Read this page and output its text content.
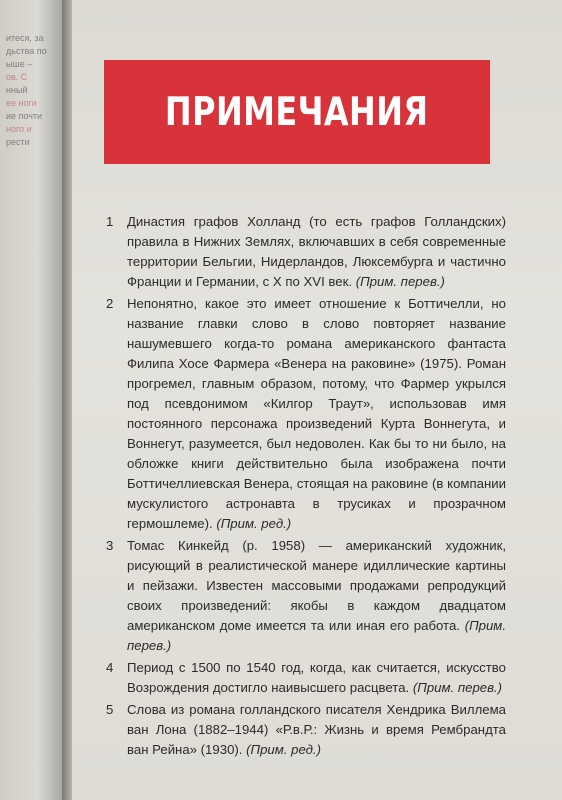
итеся, за
дьства по
ыше –
ов. С
нный
ее ноги
ие почти
ного и
рести
ПРИМЕЧАНИЯ
1	Династия графов Холланд (то есть графов Голландских) правила в Нижних Землях, включавших в себя современные территории Бельгии, Нидерландов, Люксембурга и частично Франции и Германии, с X по XVI век. (Прим. перев.)
2	Непонятно, какое это имеет отношение к Боттичелли, но название главки слово в слово повторяет название нашумевшего когда-то романа американского фантаста Филипа Хосе Фармера «Венера на раковине» (1975). Роман прогремел, главным образом, потому, что Фармер укрылся под псевдонимом «Килгор Траут», использовав имя постоянного персонажа произведений Курта Воннегута, и Воннегут, разумеется, был недоволен. Как бы то ни было, на обложке книги действительно была изображена почти Боттичеллиевская Венера, стоящая на раковине (в компании мускулистого астронавта в трусиках и прозрачном гермошлеме). (Прим. ред.)
3	Томас Кинкейд (р. 1958) — американский художник, рисующий в реалистической манере идиллические картины и пейзажи. Известен массовыми продажами репродукций своих произведений: якобы в каждом двадцатом американском доме имеется та или иная его работа. (Прим. перев.)
4	Период с 1500 по 1540 год, когда, как считается, искусство Возрождения достигло наивысшего расцвета. (Прим. перев.)
5	Слова из романа голландского писателя Хендрика Виллема ван Лона (1882–1944) «Р.в.Р.: Жизнь и время Рембрандта ван Рейна» (1930). (Прим. ред.)
